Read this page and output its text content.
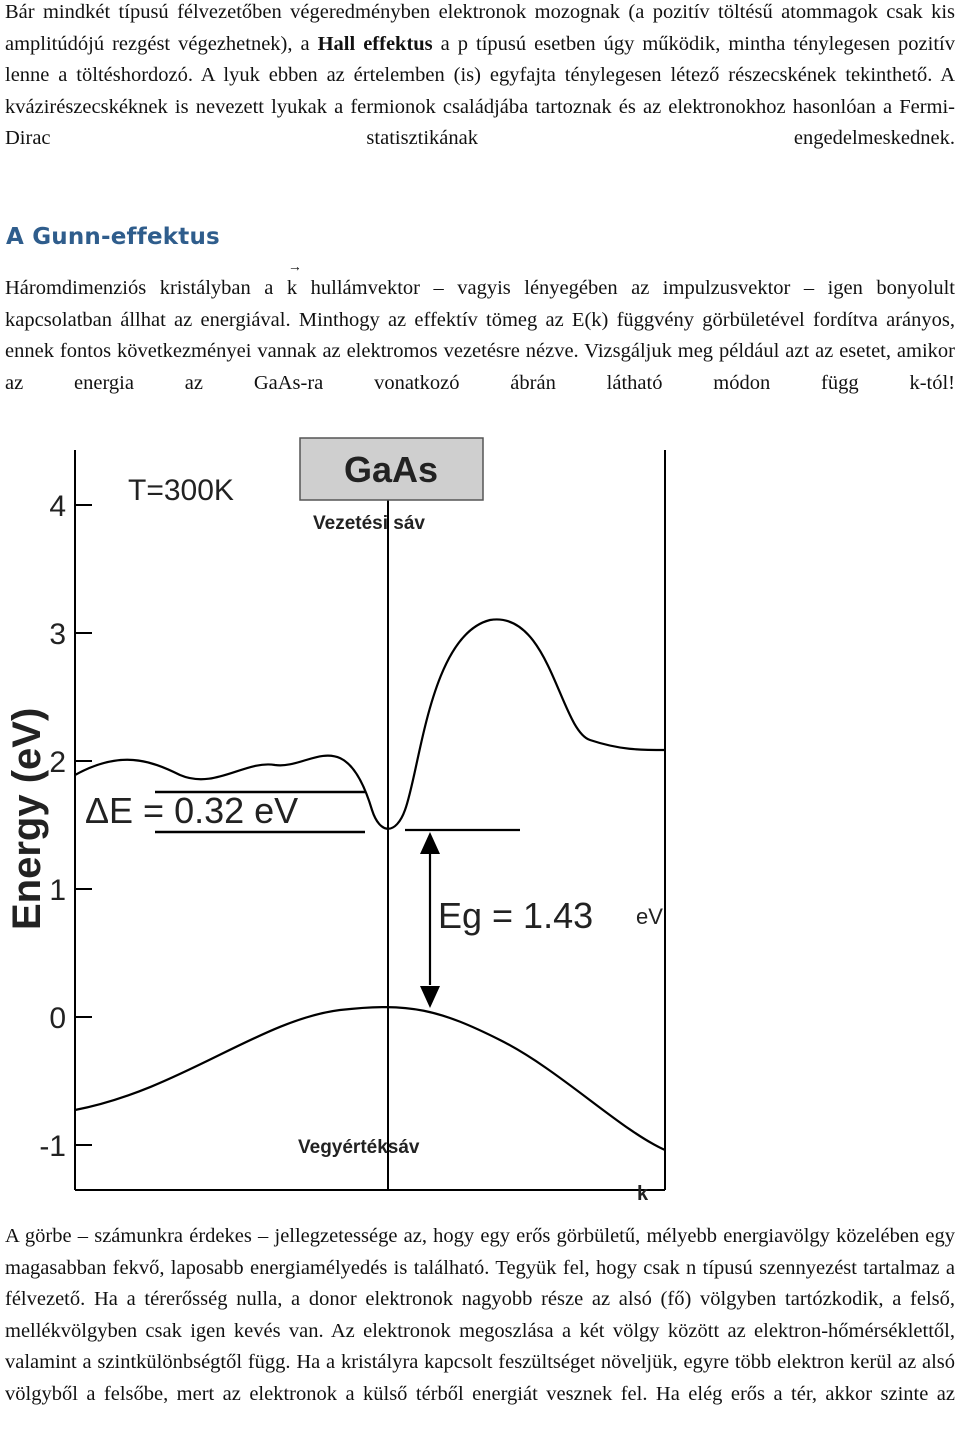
Bár mindkét típusú félvezetőben végeredményben elektronok mozognak (a pozitív töltésű atommagok csak kis amplitúdójú rezgést végezhetnek), a Hall effektus a p típusú esetben úgy működik, mintha ténylegesen pozitív lenne a töltéshordozó. A lyuk ebben az értelemben (is) egyfajta ténylegesen létező részecskének tekinthető. A kvázirészecskéknek is nevezett lyukak a fermionok családjába tartoznak és az elektronokhoz hasonlóan a Fermi-Dirac statisztikának engedelmeskednek.
A Gunn-effektus
Háromdimenziós kristályban a
→
k hullámvektor – vagyis lényegében az impulzusvektor – igen bonyolult kapcsolatban állhat az energiával. Minthogy az effektív tömeg az E(k) függvény görbületével fordítva arányos, ennek fontos következményei vannak az elektromos vezetésre nézve. Vizsgáljuk meg például azt az esetet, amikor az energia az GaAs-ra vonatkozó ábrán látható módon függ k-tól!
GaAs
T=300K
Vezetési sáv
Vegyértéksáv
k
Energy (eV)
4
3
2
1
0
-1
ΔE = 0.32 eV
Eg = 1.43 eV
A görbe – számunkra érdekes – jellegzetessége az, hogy egy erős görbületű, mélyebb energiavölgy közelében egy magasabban fekvő, laposabb energiamélyedés is található. Tegyük fel, hogy csak n típusú szennyezést tartalmaz a félvezető. Ha a térerősség nulla, a donor elektronok nagyobb része az alsó (fő) völgyben tartózkodik, a felső, mellékvölgyben csak igen kevés van. Az elektronok megoszlása a két völgy között az elektron-hőmérséklettől, valamint a szintkülönbségtől függ. Ha a kristályra kapcsolt feszültséget növeljük, egyre több elektron kerül az alsó völgyből a felsőbe, mert az elektronok a külső térből energiát vesznek fel. Ha elég erős a tér, akkor szinte az
